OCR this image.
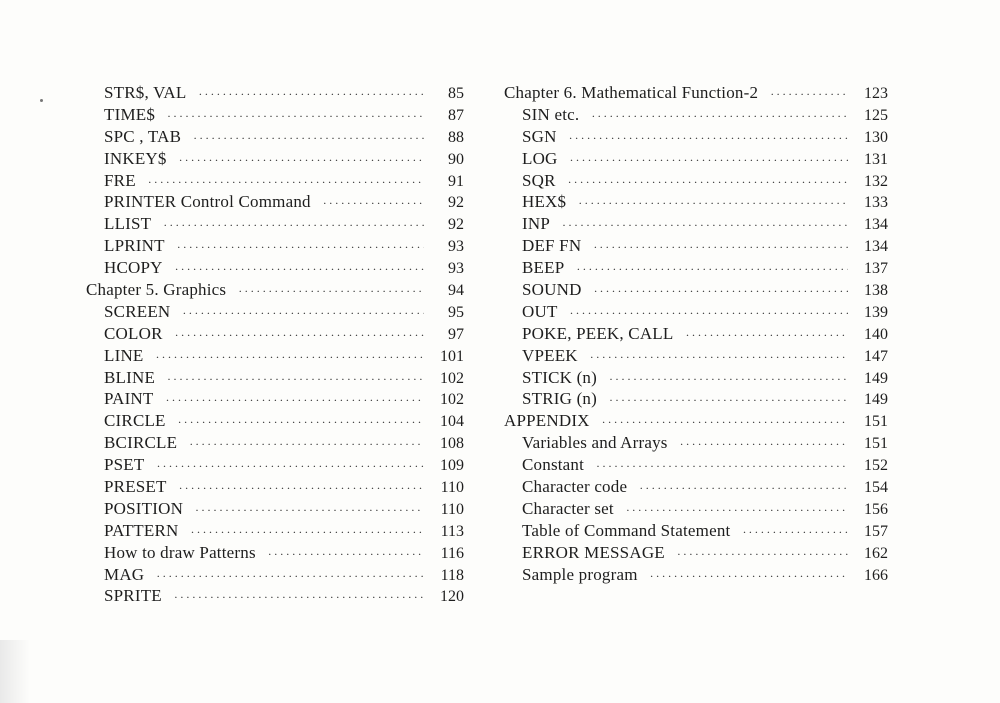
STR$, VAL ·····	85
TIME$ ·····	87
SPC , TAB ·····	88
INKEY$ ·····	90
FRE ·····	91
PRINTER Control Command ·····	92
LLIST ·····	92
LPRINT ·····	93
HCOPY ·····	93
Chapter 5. Graphics ·····	94
SCREEN ·····	95
COLOR ·····	97
LINE ·····	101
BLINE ·····	102
PAINT ·····	102
CIRCLE ·····	104
BCIRCLE ·····	108
PSET ·····	109
PRESET ·····	110
POSITION ·····	110
PATTERN ·····	113
How to draw Patterns ·····	116
MAG ·····	118
SPRITE ·····	120
Chapter 6. Mathematical Function-2 ·····	123
SIN etc. ·····	125
SGN ·····	130
LOG ·····	131
SQR ·····	132
HEX$ ·····	133
INP ·····	134
DEF FN ·····	134
BEEP ·····	137
SOUND ·····	138
OUT ·····	139
POKE, PEEK, CALL ·····	140
VPEEK ·····	147
STICK (n) ·····	149
STRIG (n) ·····	149
APPENDIX ·····	151
Variables and Arrays ·····	151
Constant ·····	152
Character code ·····	154
Character set ·····	156
Table of Command Statement ·····	157
ERROR MESSAGE ·····	162
Sample program ·····	166
